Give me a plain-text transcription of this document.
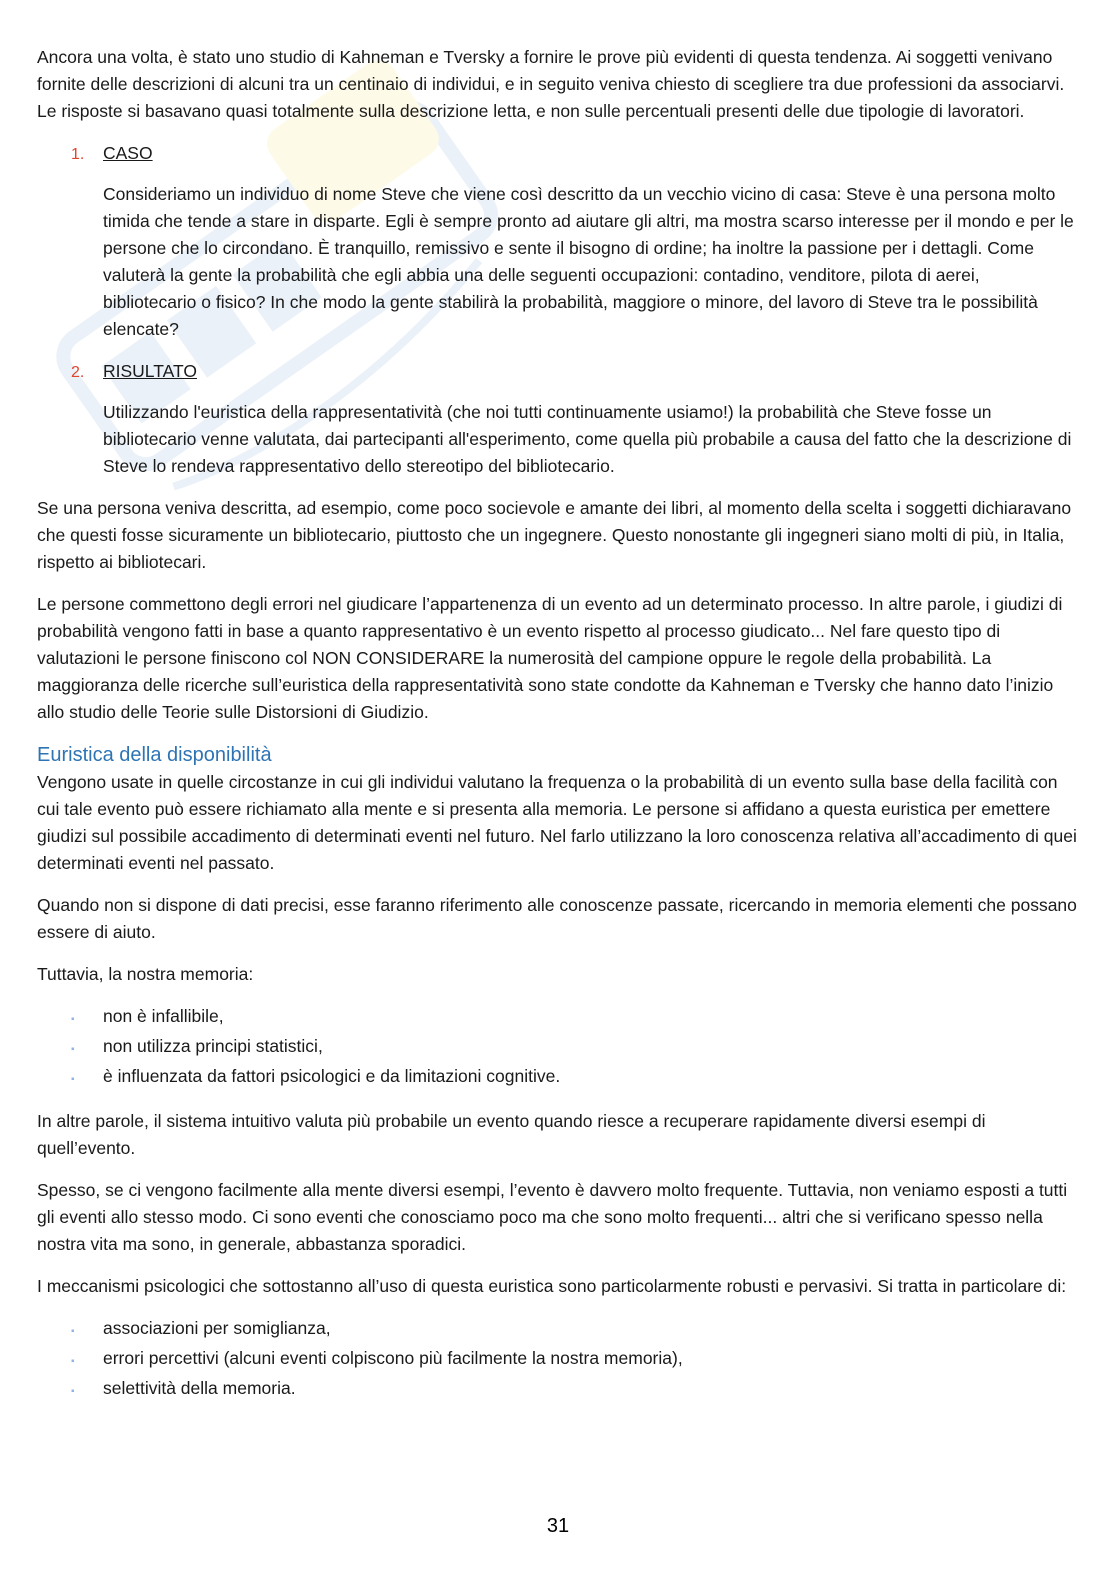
Ancora una volta, è stato uno studio di Kahneman e Tversky a fornire le prove più evidenti di questa tendenza. Ai soggetti venivano fornite delle descrizioni di alcuni tra un centinaio di individui, e in seguito veniva chiesto di scegliere tra due professioni da associarvi. Le risposte si basavano quasi totalmente sulla descrizione letta, e non sulle percentuali presenti delle due tipologie di lavoratori.

1.	CASO

Consideriamo un individuo di nome Steve che viene così descritto da un vecchio vicino di casa: Steve è una persona molto timida che tende a stare in disparte. Egli è sempre pronto ad aiutare gli altri, ma mostra scarso interesse per il mondo e per le persone che lo circondano. È tranquillo, remissivo e sente il bisogno di ordine; ha inoltre la passione per i dettagli. Come valuterà la gente la probabilità che egli abbia una delle seguenti occupazioni: contadino, venditore, pilota di aerei, bibliotecario o fisico? In che modo la gente stabilirà la probabilità, maggiore o minore, del lavoro di Steve tra le possibilità elencate?

2.	RISULTATO

Utilizzando l'euristica della rappresentatività (che noi tutti continuamente usiamo!) la probabilità che Steve fosse un bibliotecario venne valutata, dai partecipanti all'esperimento, come quella più probabile a causa del fatto che la descrizione di Steve lo rendeva rappresentativo dello stereotipo del bibliotecario.

Se una persona veniva descritta, ad esempio, come poco socievole e amante dei libri, al momento della scelta i soggetti dichiaravano che questi fosse sicuramente un bibliotecario, piuttosto che un ingegnere. Questo nonostante gli ingegneri siano molti di più, in Italia, rispetto ai bibliotecari.

Le persone commettono degli errori nel giudicare l’appartenenza di un evento ad un determinato processo. In altre parole, i giudizi di probabilità vengono fatti in base a quanto rappresentativo è un evento rispetto al processo giudicato... Nel fare questo tipo di valutazioni le persone finiscono col NON CONSIDERARE la numerosità del campione oppure le regole della probabilità. La maggioranza delle ricerche sull’euristica della rappresentatività sono state condotte da Kahneman e Tversky che hanno dato l’inizio allo studio delle Teorie sulle Distorsioni di Giudizio.

Euristica della disponibilità

Vengono usate in quelle circostanze in cui gli individui valutano la frequenza o la probabilità di un evento sulla base della facilità con cui tale evento può essere richiamato alla mente e si presenta alla memoria. Le persone si affidano a questa euristica per emettere giudizi sul possibile accadimento di determinati eventi nel futuro. Nel farlo utilizzano la loro conoscenza relativa all’accadimento di quei determinati eventi nel passato.

Quando non si dispone di dati precisi, esse faranno riferimento alle conoscenze passate, ricercando in memoria elementi che possano essere di aiuto.

Tuttavia, la nostra memoria:

▪	non è infallibile,
▪	non utilizza principi statistici,
▪	è influenzata da fattori psicologici e da limitazioni cognitive.

In altre parole, il sistema intuitivo valuta più probabile un evento quando riesce a recuperare rapidamente diversi esempi di quell’evento.

Spesso, se ci vengono facilmente alla mente diversi esempi, l’evento è davvero molto frequente. Tuttavia, non veniamo esposti a tutti gli eventi allo stesso modo. Ci sono eventi che conosciamo poco ma che sono molto frequenti... altri che si verificano spesso nella nostra vita ma sono, in generale, abbastanza sporadici.

I meccanismi psicologici che sottostanno all’uso di questa euristica sono particolarmente robusti e pervasivi. Si tratta in particolare di:

▪	associazioni per somiglianza,
▪	errori percettivi (alcuni eventi colpiscono più facilmente la nostra memoria),
▪	selettività della memoria.
31
